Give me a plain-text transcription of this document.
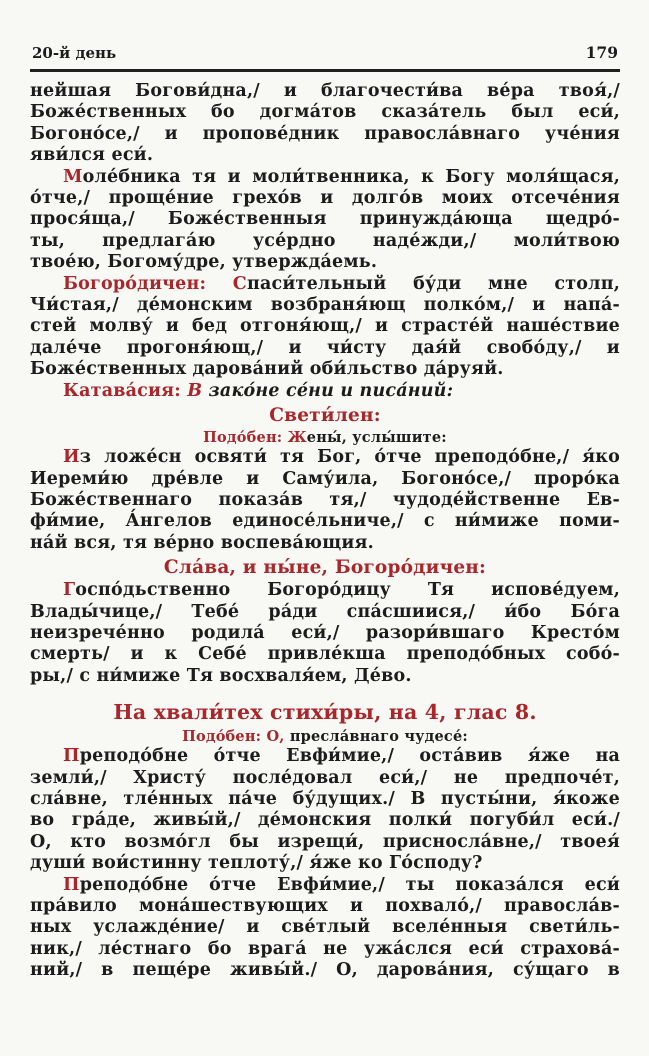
20-й день	179
нейшая Богови́дна,/ и благочести́ва ве́ра твоя́,/
Боже́ственных бо догма́тов сказа́тель был еси́,
Богоно́се,/ и пропове́дник правосла́внаго уче́ния
яви́лся еси́.
Моле́бника тя и моли́твенника, к Богу моля́щася,
о́тче,/ проще́ние грехо́в и долго́в моих отсече́ния
прося́ща,/ Боже́ственныя принужда́юща щедро́-
ты, предлага́ю усе́рдно наде́жди,/ моли́твою
твое́ю, Богому́дре, утвержда́емь.
Богоро́дичен: Спаси́тельный бу́ди мне столп,
Чи́стая,/ де́монским возбраня́ющ полко́м,/ и напа́-
стей молву́ и бед отгоня́ющ,/ и страсте́й наше́ствие
дале́че прогоня́ющ,/ и чи́сту дая́й свобо́ду,/ и
Боже́ственных дарова́ний оби́льство да́руяй.
Катава́сия: В зако́не се́ни и писа́ний:
Свети́лен:
Подо́бен: Жены́, услы́шите:
Из ложе́сн освяти́ тя Бог, о́тче преподо́бне,/ я́ко
Иереми́ю дре́вле и Саму́ила, Богоно́се,/ проро́ка
Боже́ственнаго показа́в тя,/ чудоде́йственне Ев-
фи́мие, А́нгелов единосе́льниче,/ с ни́миже поми-
на́й вся, тя ве́рно воспева́ющия.
Сла́ва, и ны́не, Богоро́дичен:
Госпо́дьственно Богоро́дицу Тя испове́дуем,
Влады́чице,/ Тебе́ ра́ди спа́сшиися,/ и́бо Бо́га
неизрече́нно родила́ еси́,/ разори́вшаго Кресто́м
смерть/ и к Себе́ привле́кша преподо́бных собо́-
ры,/ с ни́миже Тя восхваля́ем, Де́во.
На хвали́тех стихи́ры, на 4, глас 8.
Подо́бен: О, пресла́внаго чудесе́:
Преподо́бне о́тче Евфи́мие,/ оста́вив я́же на
земли́,/ Христу́ после́довал еси́,/ не предпоче́т,
сла́вне, тле́нных па́че бу́дущих./ В пусты́ни, я́коже
во гра́де, живы́й,/ де́монския полки́ погуби́л еси́./
О, кто возмо́гл бы изрещи́, присносла́вне,/ твоея́
души́ вои́стинну теплоту́,/ я́же ко Го́споду?
Преподо́бне о́тче Евфи́мие,/ ты показа́лся еси́
пра́вило мона́шествующих и похвало́,/ правосла́в-
ных услажде́ние/ и све́тлый вселе́нныя свети́ль-
ник,/ ле́стнаго бо врага́ не ужа́слся еси́ страхова́-
ний,/ в пеще́ре живы́й./ О, дарова́ния, су́щаго в
